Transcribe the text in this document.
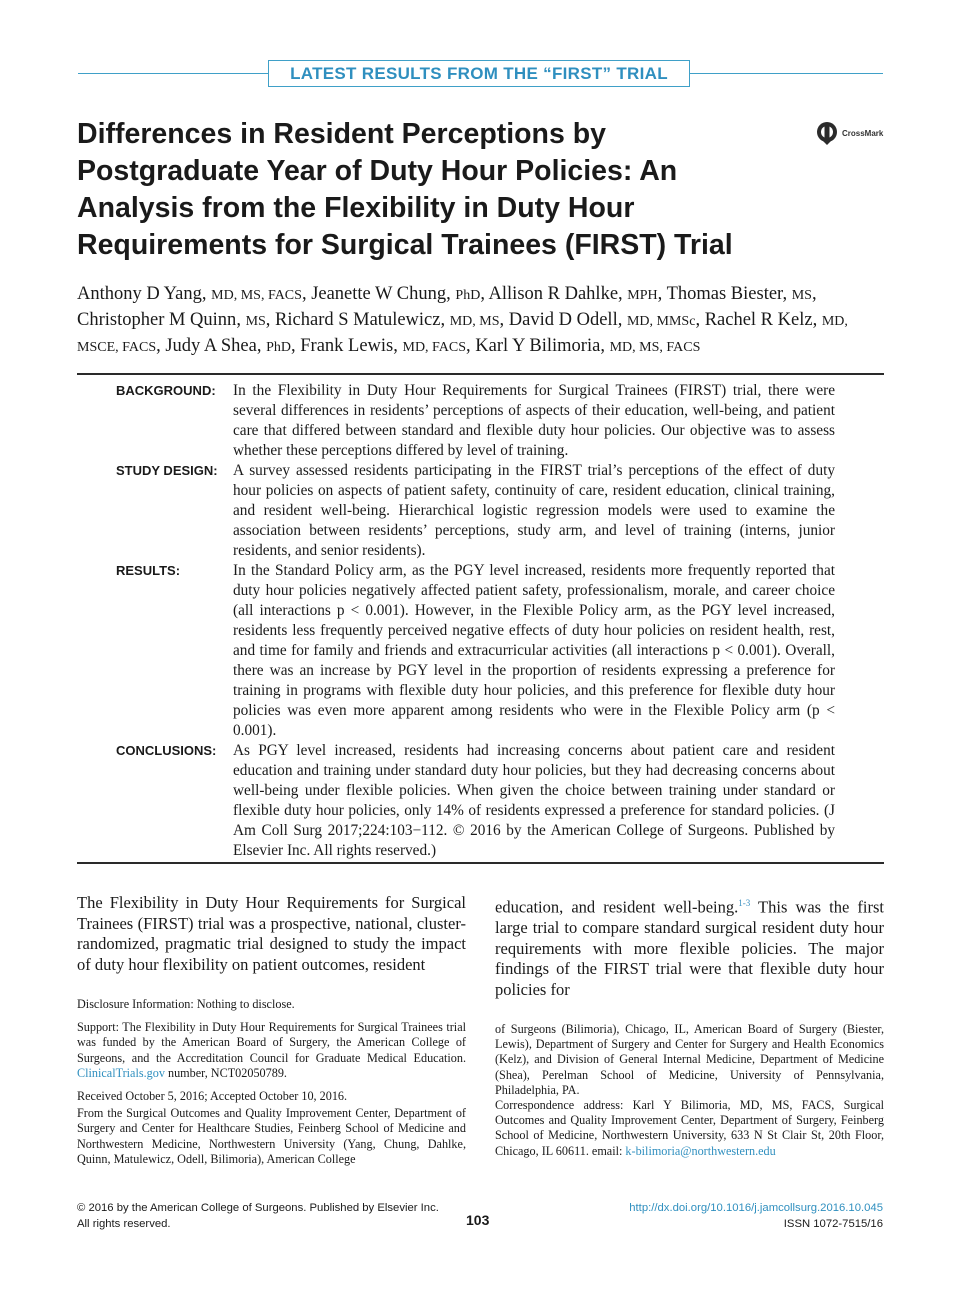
LATEST RESULTS FROM THE “FIRST” TRIAL
Differences in Resident Perceptions by Postgraduate Year of Duty Hour Policies: An Analysis from the Flexibility in Duty Hour Requirements for Surgical Trainees (FIRST) Trial
CrossMark

Anthony D Yang, MD, MS, FACS, Jeanette W Chung, PhD, Allison R Dahlke, MPH, Thomas Biester, MS, Christopher M Quinn, MS, Richard S Matulewicz, MD, MS, David D Odell, MD, MMSc, Rachel R Kelz, MD, MSCE, FACS, Judy A Shea, PhD, Frank Lewis, MD, FACS, Karl Y Bilimoria, MD, MS, FACS

BACKGROUND:	In the Flexibility in Duty Hour Requirements for Surgical Trainees (FIRST) trial, there were several differences in residents’ perceptions of aspects of their education, well-being, and patient care that differed between standard and flexible duty hour policies. Our objective was to assess whether these perceptions differed by level of training.
STUDY DESIGN:	A survey assessed residents participating in the FIRST trial’s perceptions of the effect of duty hour policies on aspects of patient safety, continuity of care, resident education, clinical training, and resident well-being. Hierarchical logistic regression models were used to examine the association between residents’ perceptions, study arm, and level of training (interns, junior residents, and senior residents).
RESULTS:	In the Standard Policy arm, as the PGY level increased, residents more frequently reported that duty hour policies negatively affected patient safety, professionalism, morale, and career choice (all interactions p < 0.001). However, in the Flexible Policy arm, as the PGY level increased, residents less frequently perceived negative effects of duty hour policies on resident health, rest, and time for family and friends and extracurricular activities (all interactions p < 0.001). Overall, there was an increase by PGY level in the proportion of residents expressing a preference for training in programs with flexible duty hour policies, and this preference for flexible duty hour policies was even more apparent among residents who were in the Flexible Policy arm (p < 0.001).
CONCLUSIONS:	As PGY level increased, residents had increasing concerns about patient care and resident education and training under standard duty hour policies, but they had decreasing concerns about well-being under flexible policies. When given the choice between training under standard or flexible duty hour policies, only 14% of residents expressed a preference for standard policies. (J Am Coll Surg 2017;224:103−112. © 2016 by the American College of Surgeons. Published by Elsevier Inc. All rights reserved.)

The Flexibility in Duty Hour Requirements for Surgical Trainees (FIRST) trial was a prospective, national, cluster-randomized, pragmatic trial designed to study the impact of duty hour flexibility on patient outcomes, resident

Disclosure Information: Nothing to disclose.

Support: The Flexibility in Duty Hour Requirements for Surgical Trainees trial was funded by the American Board of Surgery, the American College of Surgeons, and the Accreditation Council for Graduate Medical Education. ClinicalTrials.gov number, NCT02050789.

Received October 5, 2016; Accepted October 10, 2016.

From the Surgical Outcomes and Quality Improvement Center, Department of Surgery and Center for Healthcare Studies, Feinberg School of Medicine and Northwestern Medicine, Northwestern University (Yang, Chung, Dahlke, Quinn, Matulewicz, Odell, Bilimoria), American College

education, and resident well-being.$^{1-3}$ This was the first large trial to compare standard surgical resident duty hour requirements with more flexible policies. The major findings of the FIRST trial were that flexible duty hour policies for

of Surgeons (Bilimoria), Chicago, IL, American Board of Surgery (Biester, Lewis), Department of Surgery and Center for Surgery and Health Economics (Kelz), and Division of General Internal Medicine, Department of Medicine (Shea), Perelman School of Medicine, University of Pennsylvania, Philadelphia, PA.

Correspondence address: Karl Y Bilimoria, MD, MS, FACS, Surgical Outcomes and Quality Improvement Center, Department of Surgery, Feinberg School of Medicine, Northwestern University, 633 N St Clair St, 20th Floor, Chicago, IL 60611. email: k-bilimoria@northwestern.edu

© 2016 by the American College of Surgeons. Published by Elsevier Inc.
All rights reserved.	103
http://dx.doi.org/10.1016/j.jamcollsurg.2016.10.045
ISSN 1072-7515/16
